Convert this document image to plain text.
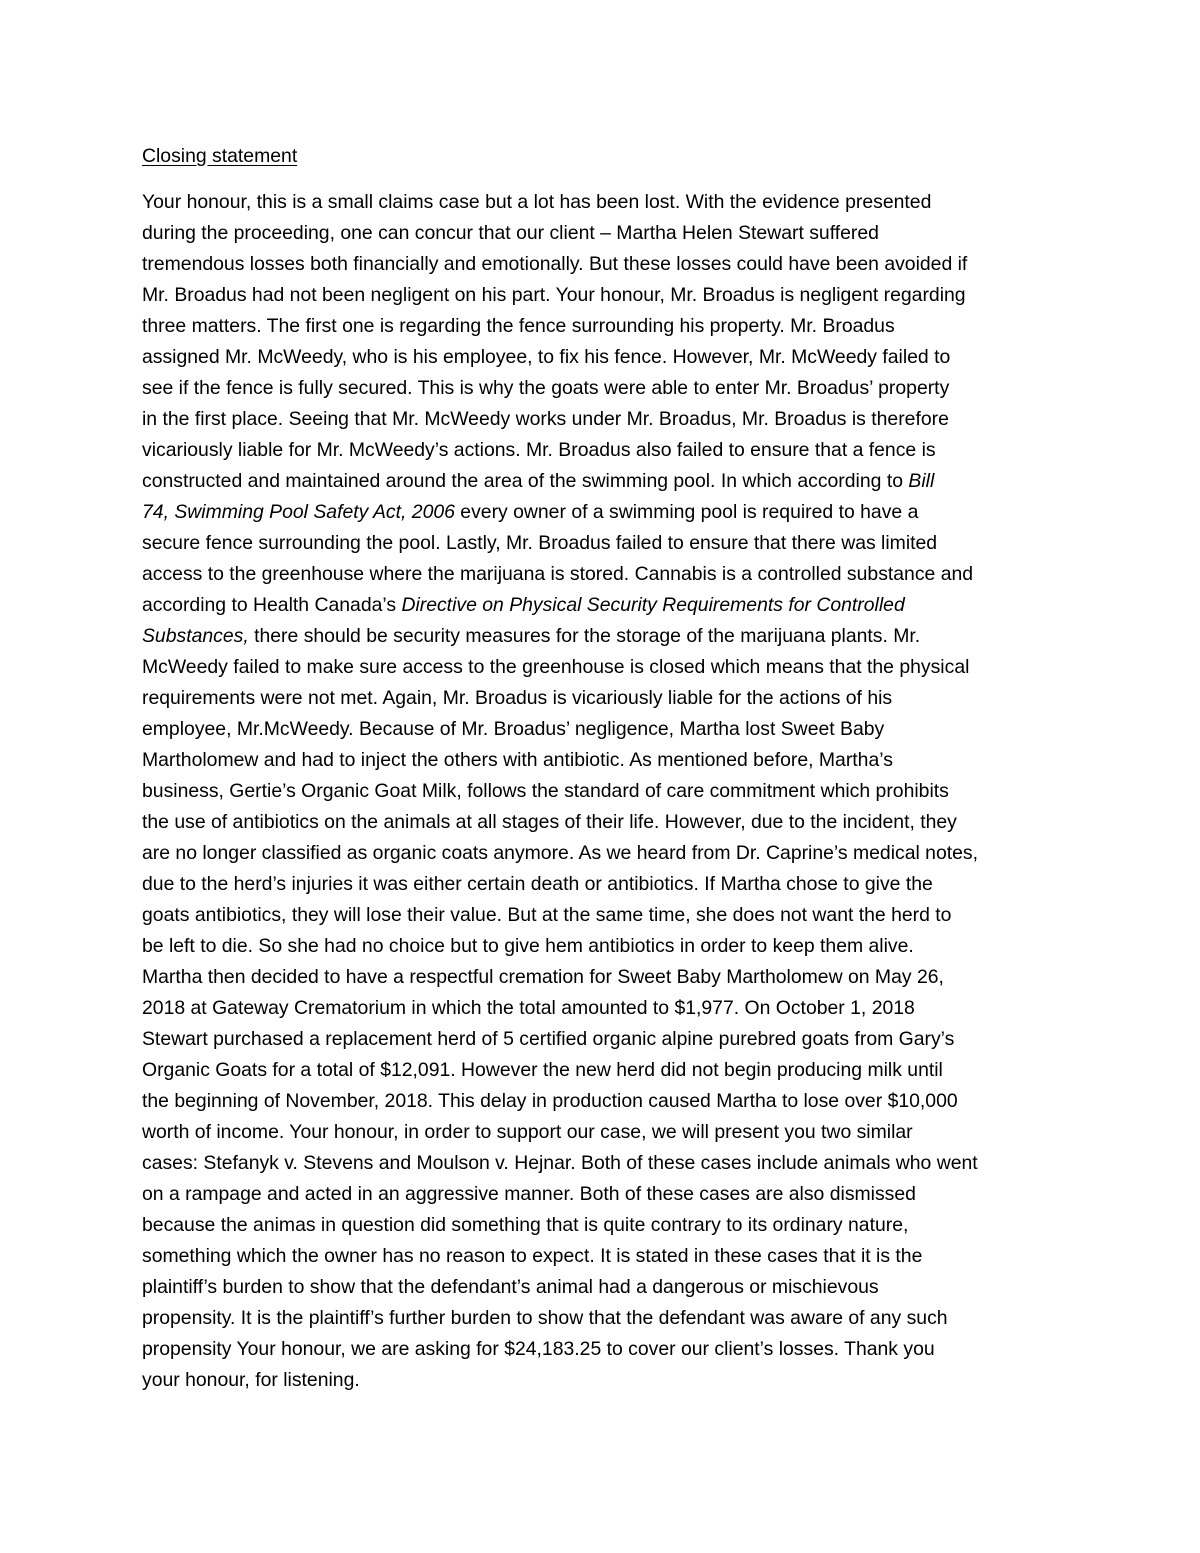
Closing statement
Your honour, this is a small claims case but a lot has been lost. With the evidence presented
during the proceeding, one can concur that our client – Martha Helen Stewart suffered
tremendous losses both financially and emotionally. But these losses could have been avoided if
Mr. Broadus had not been negligent on his part. Your honour, Mr. Broadus is negligent regarding
three matters. The first one is regarding the fence surrounding his property. Mr. Broadus
assigned Mr. McWeedy, who is his employee, to fix his fence. However, Mr. McWeedy failed to
see if the fence is fully secured. This is why the goats were able to enter Mr. Broadus’ property
in the first place. Seeing that Mr. McWeedy works under Mr. Broadus, Mr. Broadus is therefore
vicariously liable for Mr. McWeedy’s actions. Mr. Broadus also failed to ensure that a fence is
constructed and maintained around the area of the swimming pool. In which according to Bill
74, Swimming Pool Safety Act, 2006 every owner of a swimming pool is required to have a
secure fence surrounding the pool. Lastly, Mr. Broadus failed to ensure that there was limited
access to the greenhouse where the marijuana is stored. Cannabis is a controlled substance and
according to Health Canada’s Directive on Physical Security Requirements for Controlled
Substances, there should be security measures for the storage of the marijuana plants. Mr.
McWeedy failed to make sure access to the greenhouse is closed which means that the physical
requirements were not met. Again, Mr. Broadus is vicariously liable for the actions of his
employee, Mr.McWeedy. Because of Mr. Broadus’ negligence, Martha lost Sweet Baby
Martholomew and had to inject the others with antibiotic. As mentioned before, Martha’s
business, Gertie’s Organic Goat Milk, follows the standard of care commitment which prohibits
the use of antibiotics on the animals at all stages of their life. However, due to the incident, they
are no longer classified as organic coats anymore. As we heard from Dr. Caprine’s medical notes,
due to the herd’s injuries it was either certain death or antibiotics. If Martha chose to give the
goats antibiotics, they will lose their value. But at the same time, she does not want the herd to
be left to die. So she had no choice but to give hem antibiotics in order to keep them alive.
Martha then decided to have a respectful cremation for Sweet Baby Martholomew on May 26,
2018 at Gateway Crematorium in which the total amounted to $1,977. On October 1, 2018
Stewart purchased a replacement herd of 5 certified organic alpine purebred goats from Gary’s
Organic Goats for a total of $12,091. However the new herd did not begin producing milk until
the beginning of November, 2018. This delay in production caused Martha to lose over $10,000
worth of income. Your honour, in order to support our case, we will present you two similar
cases: Stefanyk v. Stevens and Moulson v. Hejnar. Both of these cases include animals who went
on a rampage and acted in an aggressive manner. Both of these cases are also dismissed
because the animas in question did something that is quite contrary to its ordinary nature,
something which the owner has no reason to expect. It is stated in these cases that it is the
plaintiff’s burden to show that the defendant’s animal had a dangerous or mischievous
propensity. It is the plaintiff’s further burden to show that the defendant was aware of any such
propensity Your honour, we are asking for $24,183.25 to cover our client’s losses. Thank you
your honour, for listening.
